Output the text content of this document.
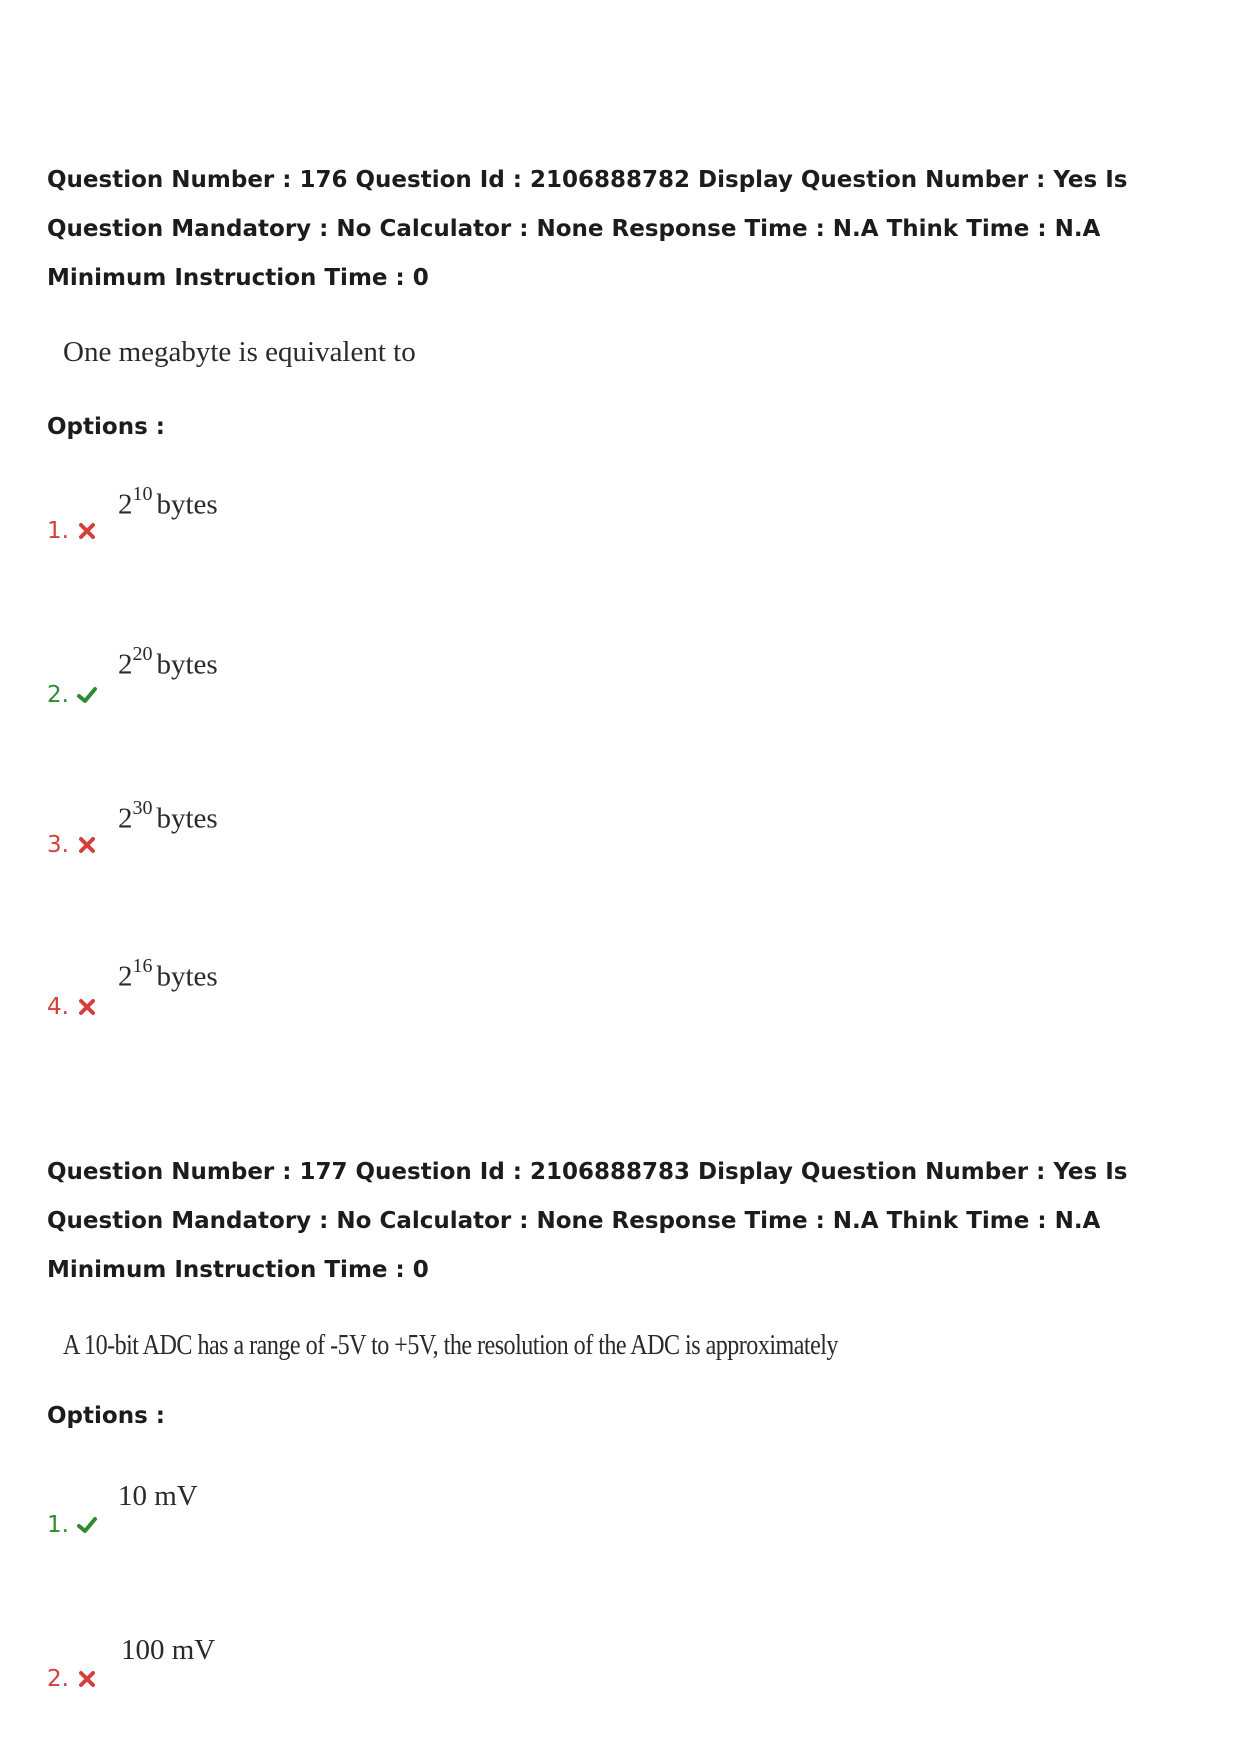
Question Number : 176 Question Id : 2106888782 Display Question Number : Yes Is Question Mandatory : No Calculator : None Response Time : N.A Think Time : N.A Minimum Instruction Time : 0

One megabyte is equivalent to
Options :
1.
$2^{10}$ bytes
2.
$2^{20}$ bytes
3.
$2^{30}$ bytes
4.
$2^{16}$ bytes

Question Number : 177 Question Id : 2106888783 Display Question Number : Yes Is Question Mandatory : No Calculator : None Response Time : N.A Think Time : N.A Minimum Instruction Time : 0

A 10-bit ADC has a range of -5V to +5V, the resolution of the ADC is approximately
Options :
1.
10 mV
2.
100 mV
